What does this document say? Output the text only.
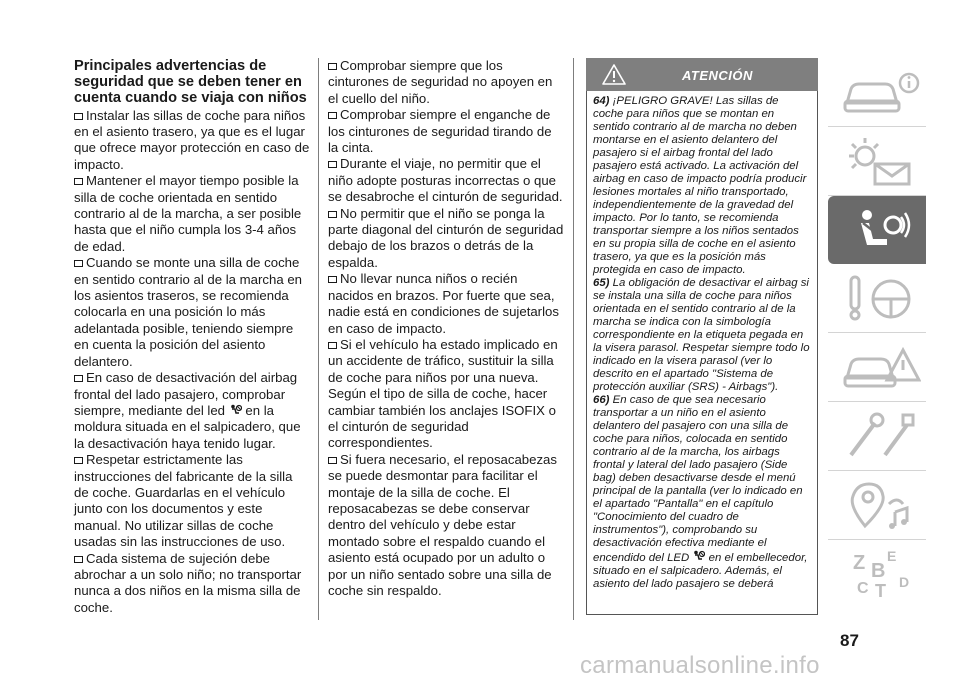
Principales advertencias de seguridad que se deben tener en cuenta cuando se viaja con niños

Instalar las sillas de coche para niños en el asiento trasero, ya que es el lugar que ofrece mayor protección en caso de impacto.

Mantener el mayor tiempo posible la silla de coche orientada en sentido contrario al de la marcha, a ser posible hasta que el niño cumpla los 3-4 años de edad.

Cuando se monte una silla de coche en sentido contrario al de la marcha en los asientos traseros, se recomienda colocarla en una posición lo más adelantada posible, teniendo siempre en cuenta la posición del asiento delantero.

En caso de desactivación del airbag frontal del lado pasajero, comprobar siempre, mediante del led en la moldura situada en el salpicadero, que la desactivación haya tenido lugar.

Respetar estrictamente las instrucciones del fabricante de la silla de coche. Guardarlas en el vehículo junto con los documentos y este manual. No utilizar sillas de coche usadas sin las instrucciones de uso.

Cada sistema de sujeción debe abrochar a un solo niño; no transportar nunca a dos niños en la misma silla de coche.

Comprobar siempre que los cinturones de seguridad no apoyen en el cuello del niño.

Comprobar siempre el enganche de los cinturones de seguridad tirando de la cinta.

Durante el viaje, no permitir que el niño adopte posturas incorrectas o que se desabroche el cinturón de seguridad.

No permitir que el niño se ponga la parte diagonal del cinturón de seguridad debajo de los brazos o detrás de la espalda.

No llevar nunca niños o recién nacidos en brazos. Por fuerte que sea, nadie está en condiciones de sujetarlos en caso de impacto.

Si el vehículo ha estado implicado en un accidente de tráfico, sustituir la silla de coche para niños por una nueva. Según el tipo de silla de coche, hacer cambiar también los anclajes ISOFIX o el cinturón de seguridad correspondientes.

Si fuera necesario, el reposacabezas se puede desmontar para facilitar el montaje de la silla de coche. El reposacabezas se debe conservar dentro del vehículo y debe estar montado sobre el respaldo cuando el asiento está ocupado por un adulto o por un niño sentado sobre una silla de coche sin respaldo.

ATENCIÓN

64) ¡PELIGRO GRAVE! Las sillas de coche para niños que se montan en sentido contrario al de marcha no deben montarse en el asiento delantero del pasajero si el airbag frontal del lado pasajero está activado. La activación del airbag en caso de impacto podría producir lesiones mortales al niño transportado, independientemente de la gravedad del impacto. Por lo tanto, se recomienda transportar siempre a los niños sentados en su propia silla de coche en el asiento trasero, ya que es la posición más protegida en caso de impacto.

65) La obligación de desactivar el airbag si se instala una silla de coche para niños orientada en el sentido contrario al de la marcha se indica con la simbología correspondiente en la etiqueta pegada en la visera parasol. Respetar siempre todo lo indicado en la visera parasol (ver lo descrito en el apartado "Sistema de protección auxiliar (SRS) - Airbags").

66) En caso de que sea necesario transportar a un niño en el asiento delantero del pasajero con una silla de coche para niños, colocada en sentido contrario al de la marcha, los airbags frontal y lateral del lado pasajero (Side bag) deben desactivarse desde el menú principal de la pantalla (ver lo indicado en el apartado "Pantalla" en el capítulo "Conocimiento del cuadro de instrumentos"), comprobando su desactivación efectiva mediante el encendido del LED en el embellecedor, situado en el salpicadero. Además, el asiento del lado pasajero se deberá

Z E
B
C T D
87
carmanualsonline.info
